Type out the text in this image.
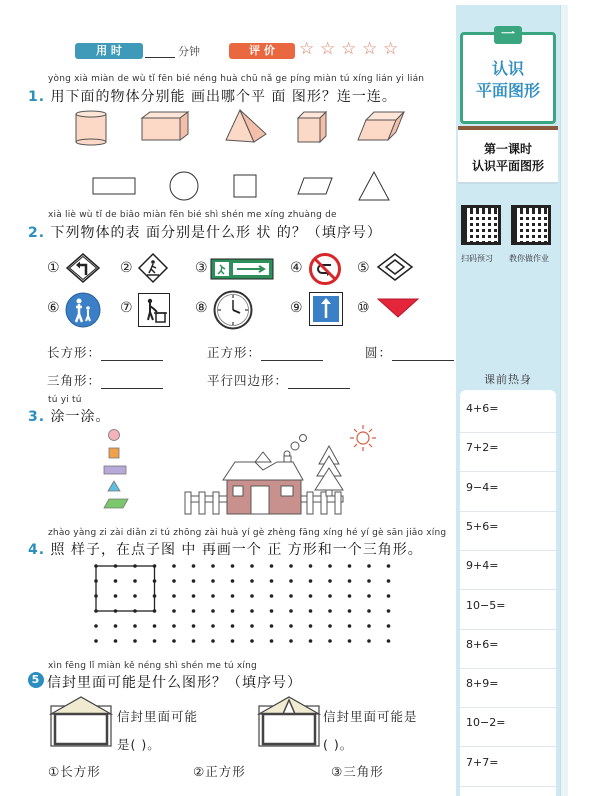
用 时	分钟	评 价	☆ ☆ ☆ ☆ ☆
yòng xià miàn de wù tǐ fēn bié néng huà chū nǎ ge píng miàn tú xíng lián yi lián
1. 用下面的物体分别能 画出哪个平 面 图形？连一连。
xià liè wù tǐ de biǎo miàn fēn bié shì shén me xíng zhuàng de
2. 下列物体的表 面分别是什么形 状 的？（填序号）
①	②	③	④	⑤
⑥	⑦	⑧	⑨	⑩
长方形：	正方形：	圆：
三角形：	平行四边形：
tú yi tú
3. 涂一涂。
zhào yàng zi zài diǎn zi tú zhōng zài huà yí gè zhèng fāng xíng hé yí gè sān jiǎo xíng
4. 照 样子，在点子图 中 再画一个 正 方形和一个三角形。
xìn fēng lǐ miàn kě néng shì shén me tú xíng
5 信封里面可能是什么图形？（填序号）
信封里面可能
是( )。
信封里面可能是
( )。
①长方形	②正方形	③三角形
一
认识
平面图形
第一课时
认识平面图形
扫码预习 教你做作业
课前热身
4+6=
7+2=
9−4=
5+6=
9+4=
10−5=
8+6=
8+9=
10−2=
7+7=
